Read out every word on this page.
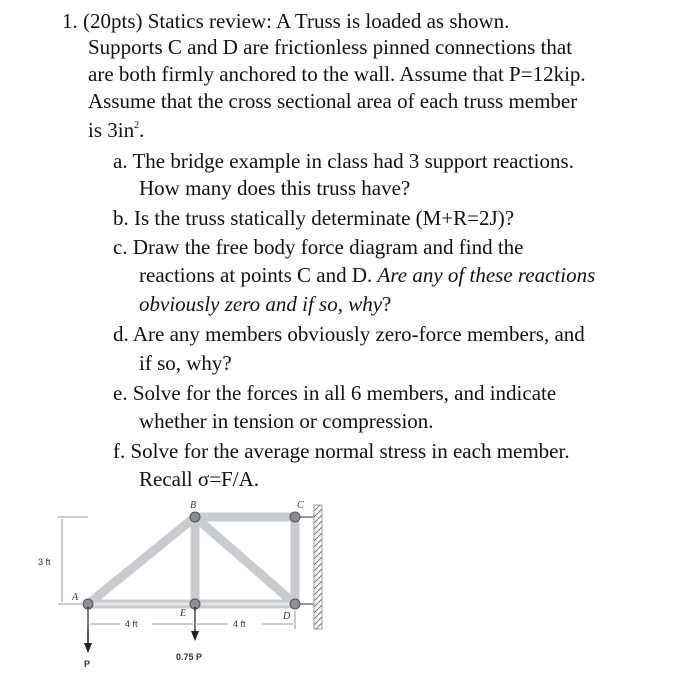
1. (20pts) Statics review: A Truss is loaded as shown.
Supports C and D are frictionless pinned connections that
are both firmly anchored to the wall. Assume that P=12kip.
Assume that the cross sectional area of each truss member
is $3in^2$.
a. The bridge example in class had 3 support reactions.
How many does this truss have?
b. Is the truss statically determinate (M+R=2J)?
c. Draw the free body force diagram and find the
reactions at points C and D. Are any of these reactions
obviously zero and if so, why?
d. Are any members obviously zero-force members, and
if so, why?
e. Solve for the forces in all 6 members, and indicate
whether in tension or compression.
f. Solve for the average normal stress in each member.
Recall σ=F/A.
A
B	C
D
E
3 ft
4 ft	4 ft
P
0.75 P
